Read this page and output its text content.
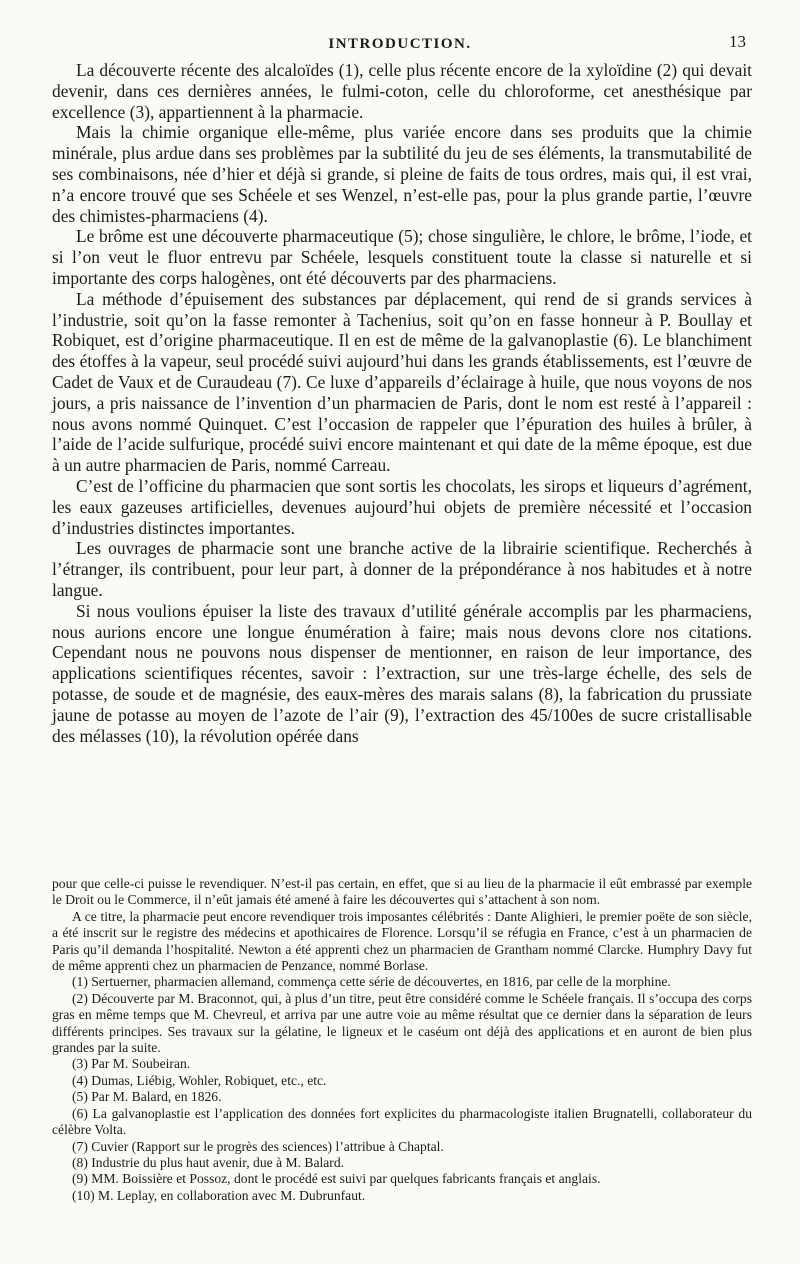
INTRODUCTION.	13

La découverte récente des alcaloïdes (1), celle plus récente encore de la xyloïdine (2) qui devait devenir, dans ces dernières années, le fulmi-coton, celle du chloroforme, cet anesthésique par excellence (3), appartiennent à la pharmacie.

Mais la chimie organique elle-même, plus variée encore dans ses produits que la chimie minérale, plus ardue dans ses problèmes par la subtilité du jeu de ses éléments, la transmutabilité de ses combinaisons, née d’hier et déjà si grande, si pleine de faits de tous ordres, mais qui, il est vrai, n’a encore trouvé que ses Schéele et ses Wenzel, n’est-elle pas, pour la plus grande partie, l’œuvre des chimistes-pharmaciens (4).

Le brôme est une découverte pharmaceutique (5); chose singulière, le chlore, le brôme, l’iode, et si l’on veut le fluor entrevu par Schéele, lesquels constituent toute la classe si naturelle et si importante des corps halogènes, ont été découverts par des pharmaciens.

La méthode d’épuisement des substances par déplacement, qui rend de si grands services à l’industrie, soit qu’on la fasse remonter à Tachenius, soit qu’on en fasse honneur à P. Boullay et Robiquet, est d’origine pharmaceutique. Il en est de même de la galvanoplastie (6). Le blanchiment des étoffes à la vapeur, seul procédé suivi aujourd’hui dans les grands établissements, est l’œuvre de Cadet de Vaux et de Curaudeau (7). Ce luxe d’appareils d’éclairage à huile, que nous voyons de nos jours, a pris naissance de l’invention d’un pharmacien de Paris, dont le nom est resté à l’appareil : nous avons nommé Quinquet. C’est l’occasion de rappeler que l’épuration des huiles à brûler, à l’aide de l’acide sulfurique, procédé suivi encore maintenant et qui date de la même époque, est due à un autre pharmacien de Paris, nommé Carreau.

C’est de l’officine du pharmacien que sont sortis les chocolats, les sirops et liqueurs d’agrément, les eaux gazeuses artificielles, devenues aujourd’hui objets de première nécessité et l’occasion d’industries distinctes importantes.

Les ouvrages de pharmacie sont une branche active de la librairie scientifique. Recherchés à l’étranger, ils contribuent, pour leur part, à donner de la prépondérance à nos habitudes et à notre langue.

Si nous voulions épuiser la liste des travaux d’utilité générale accomplis par les pharmaciens, nous aurions encore une longue énumération à faire; mais nous devons clore nos citations. Cependant nous ne pouvons nous dispenser de mentionner, en raison de leur importance, des applications scientifiques récentes, savoir : l’extraction, sur une très-large échelle, des sels de potasse, de soude et de magnésie, des eaux-mères des marais salans (8), la fabrication du prussiate jaune de potasse au moyen de l’azote de l’air (9), l’extraction des 45/100es de sucre cristallisable des mélasses (10), la révolution opérée dans

pour que celle-ci puisse le revendiquer. N’est-il pas certain, en effet, que si au lieu de la pharmacie il eût embrassé par exemple le Droit ou le Commerce, il n’eût jamais été amené à faire les découvertes qui s’attachent à son nom.

A ce titre, la pharmacie peut encore revendiquer trois imposantes célébrités : Dante Alighieri, le premier poëte de son siècle, a été inscrit sur le registre des médecins et apothicaires de Florence. Lorsqu’il se réfugia en France, c’est à un pharmacien de Paris qu’il demanda l’hospitalité. Newton a été apprenti chez un pharmacien de Grantham nommé Clarcke. Humphry Davy fut de même apprenti chez un pharmacien de Penzance, nommé Borlase.

(1) Sertuerner, pharmacien allemand, commença cette série de découvertes, en 1816, par celle de la morphine.

(2) Découverte par M. Braconnot, qui, à plus d’un titre, peut être considéré comme le Schéele français. Il s’occupa des corps gras en même temps que M. Chevreul, et arriva par une autre voie au même résultat que ce dernier dans la séparation de leurs différents principes. Ses travaux sur la gélatine, le ligneux et le caséum ont déjà des applications et en auront de bien plus grandes par la suite.

(3) Par M. Soubeiran.

(4) Dumas, Liébig, Wohler, Robiquet, etc., etc.

(5) Par M. Balard, en 1826.

(6) La galvanoplastie est l’application des données fort explicites du pharmacologiste italien Brugnatelli, collaborateur du célèbre Volta.

(7) Cuvier (Rapport sur le progrès des sciences) l’attribue à Chaptal.

(8) Industrie du plus haut avenir, due à M. Balard.

(9) MM. Boissière et Possoz, dont le procédé est suivi par quelques fabricants français et anglais.

(10) M. Leplay, en collaboration avec M. Dubrunfaut.
